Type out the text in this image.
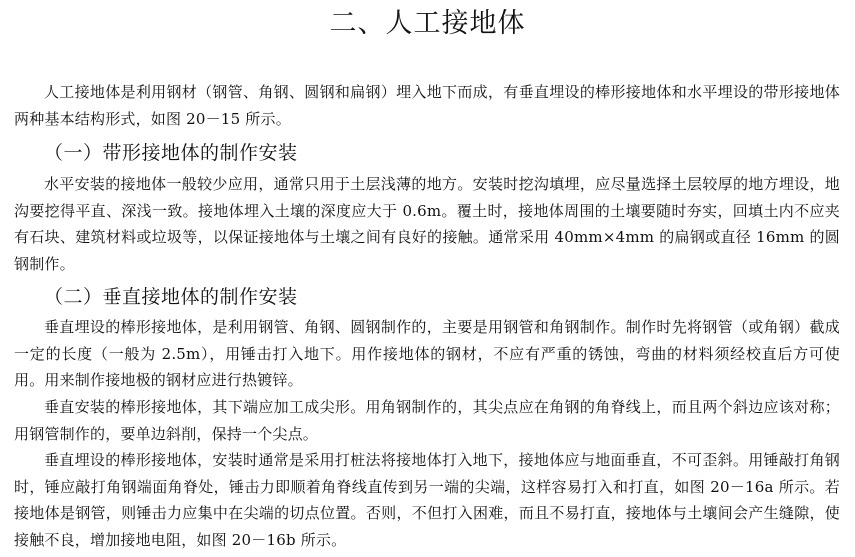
二、人工接地体

人工接地体是利用钢材（钢管、角钢、圆钢和扁钢）埋入地下而成，有垂直埋设的棒形接地体和水平埋设的带形接地体两种基本结构形式，如图 20－15 所示。

（一）带形接地体的制作安装

水平安装的接地体一般较少应用，通常只用于土层浅薄的地方。安装时挖沟填埋，应尽量选择土层较厚的地方埋设，地沟要挖得平直、深浅一致。接地体埋入土壤的深度应大于 0.6m。覆土时，接地体周围的土壤要随时夯实，回填土内不应夹有石块、建筑材料或垃圾等，以保证接地体与土壤之间有良好的接触。通常采用 40mm×4mm 的扁钢或直径 16mm 的圆钢制作。

（二）垂直接地体的制作安装

垂直埋设的棒形接地体，是利用钢管、角钢、圆钢制作的，主要是用钢管和角钢制作。制作时先将钢管（或角钢）截成一定的长度（一般为 2.5m），用锤击打入地下。用作接地体的钢材，不应有严重的锈蚀，弯曲的材料须经校直后方可使用。用来制作接地极的钢材应进行热镀锌。

垂直安装的棒形接地体，其下端应加工成尖形。用角钢制作的，其尖点应在角钢的角脊线上，而且两个斜边应该对称；用钢管制作的，要单边斜削，保持一个尖点。

垂直埋设的棒形接地体，安装时通常是采用打桩法将接地体打入地下，接地体应与地面垂直，不可歪斜。用锤敲打角钢时，锤应敲打角钢端面角脊处，锤击力即顺着角脊线直传到另一端的尖端，这样容易打入和打直，如图 20－16a 所示。若接地体是钢管，则锤击力应集中在尖端的切点位置。否则，不但打入困难，而且不易打直，接地体与土壤间会产生缝隙，使接触不良，增加接地电阻，如图 20－16b 所示。
